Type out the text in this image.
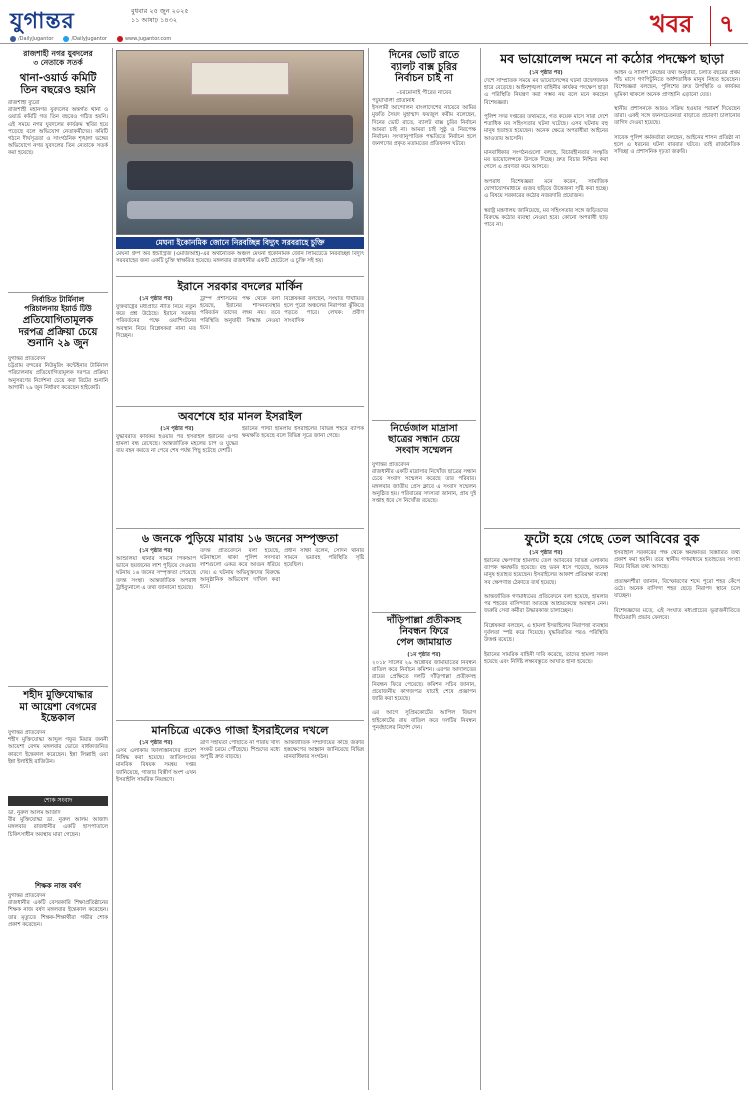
যুগান্তর	বুধবার ২৫ জুন ২০২৫
১১ আষাঢ় ১৪৩২
/DailyJugantor	/DailyJugantor	www.jugantor.com
খবর	৭
রাজশাহী নগর যুবদলের
৩ নেতাকে সতর্ক
থানা-ওয়ার্ড কমিটি
তিন বছরেও হয়নি
রাজশাহী ব্যুরো
রাজশাহী মহানগর যুবদলের অন্তর্গত থানা ও ওয়ার্ড কমিটি গত তিন বছরেও গঠিত হয়নি। এই সময়ে নগর যুবদলের কার্যক্রম স্থবির হয়ে পড়েছে বলে অভিযোগ নেতাকর্মীদের। কমিটি গঠনে দীর্ঘসূত্রতা ও সাংগঠনিক শৃঙ্খলা ভঙ্গের অভিযোগে নগর যুবদলের তিন নেতাকে সতর্ক করা হয়েছে।
নির্বাচিত টার্মিনাল
পরিচালনায় ইয়ার্ড টিউ
প্রতিযোগিতামূলক
দরপত্র প্রক্রিয়া চেয়ে
শুনানি ২৯ জুন
যুগান্তর প্রতিবেদন
চট্টগ্রাম বন্দরের নিউমুরিং কন্টেইনার টার্মিনাল পরিচালনায় প্রতিযোগিতামূলক দরপত্র প্রক্রিয়া অনুসরণের নির্দেশনা চেয়ে করা রিটের শুনানি আগামী ২৯ জুন নির্ধারণ করেছেন হাইকোর্ট।
শহীদ মুক্তিযোদ্ধার
মা আয়েশা বেগমের
ইন্তেকাল
যুগান্তর প্রতিবেদন
শহীদ মুক্তিযোদ্ধা আব্দুল গফুর মিয়ার জননী আয়েশা বেগম মঙ্গলবার ভোরে বার্ধক্যজনিত কারণে ইন্তেকাল করেছেন। ইন্না লিল্লাহি ওয়া ইন্না ইলাইহি রাজিউন।
শোক সংবাদ
ডা. নুরুল আলম আজাদ
বীর মুক্তিযোদ্ধা ডা. নুরুল আলম আজাদ মঙ্গলবার রাজধানীর একটি হাসপাতালে চিকিৎসাধীন অবস্থায় মারা গেছেন।
শিক্ষক নাজ বর্ষণ
যুগান্তর প্রতিবেদন
রাজধানীর একটি বেসরকারি শিক্ষাপ্রতিষ্ঠানের শিক্ষক নাজ বর্ষণ মঙ্গলবার ইন্তেকাল করেছেন। তার মৃত্যুতে শিক্ষক-শিক্ষার্থীরা গভীর শোক প্রকাশ করেছেন।
মেঘনা ইকোনমিক জোনে নিরবচ্ছিন্ন বিদ্যুৎ সরবরাহে চুক্তি
মেঘনা গ্রুপ অব ইন্ডাস্ট্রিজ (এমজিআই)-এর অর্থনৈতিক অঞ্চল মেঘনা ইকোনমিক জোন লিমিটেডে নিরবচ্ছিন্ন বিদ্যুৎ সরবরাহের জন্য একটি চুক্তি স্বাক্ষরিত হয়েছে। মঙ্গলবার রাজধানীর একটি হোটেলে এ চুক্তি সই হয়।
ইরানে সরকার বদলের মার্কিন
(১ম পৃষ্ঠার পর)
যুক্তরাষ্ট্রের মধ্যপ্রাচ্য নীতি নিয়ে নতুন করে প্রশ্ন উঠেছে। ইরানে সরকার পরিবর্তনের পক্ষে ওয়াশিংটনের অবস্থান নিয়ে বিশ্লেষকরা নানা মত দিচ্ছেন।
ট্রাম্প প্রশাসনের পক্ষ থেকে বলা হয়েছে, ইরানের শাসনব্যবস্থার পরিবর্তন তাদের লক্ষ্য নয়। তবে পরিস্থিতি অনুযায়ী সিদ্ধান্ত নেওয়া হবে।
বিশ্লেষকরা বলছেন, সংঘাত দীর্ঘায়িত হলে পুরো অঞ্চলের নিরাপত্তা ঝুঁকিতে পড়তে পারে। লেখক: প্রবীণ সাংবাদিক
অবশেষে হার মানল ইসরাইল
(১ম পৃষ্ঠার পর)
যুদ্ধবিরতি কার্যকর হওয়ার পর ইসরাইল ইরানের ওপর হামলা বন্ধ রেখেছে। আন্তর্জাতিক মহলের চাপ ও যুদ্ধের ব্যয় বহন করতে না পেরে শেষ পর্যন্ত পিছু হটেছে দেশটি।
ইরানের পাল্টা হামলায় ইসরাইলের বিভিন্ন শহরে ব্যাপক ক্ষয়ক্ষতি হয়েছে বলে বিভিন্ন সূত্রে জানা গেছে।
৬ জনকে পুড়িয়ে মারায় ১৬ জনের সম্পৃক্ততা
(১ম পৃষ্ঠার পর)
আশুলিয়া থানার সামনে পিকআপ ভ্যানে ছয়জনের লাশ পুড়িয়ে দেওয়ার ঘটনায় ১৬ জনের সম্পৃক্ততা পেয়েছে তদন্ত সংস্থা। আন্তর্জাতিক অপরাধ ট্রাইব্যুনালে এ তথ্য জানানো হয়েছে।
তদন্ত প্রতিবেদনে বলা হয়েছে, ঘটনাস্থলে থাকা পুলিশ সদস্যরা লাশগুলো একত্র করে আগুন ধরিয়ে দেয়। এ ঘটনায় অভিযুক্তদের বিরুদ্ধে আনুষ্ঠানিক অভিযোগ দাখিল করা হবে।
প্রধান সাক্ষী বলেন, সেদিন থানার সামনে ভয়াবহ পরিস্থিতি সৃষ্টি হয়েছিল।
মানচিত্রে একেও গাজা ইসরাইলের দখলে
(১ম পৃষ্ঠার পর)
এসব এলাকায় ফিলিস্তিনিদের প্রবেশ নিষিদ্ধ করা হয়েছে। জাতিসংঘের মানবিক বিষয়ক সমন্বয় দপ্তর জানিয়েছে, গাজার বিস্তীর্ণ অংশ এখন ইসরাইলি সামরিক নিয়ন্ত্রণে।
ত্রাণ সহায়তা পৌঁছাতে না পারায় খাদ্য সংকট চরমে পৌঁছেছে। শিশুদের মধ্যে অপুষ্টি দ্রুত বাড়ছে।
আন্তর্জাতিক সম্প্রদায়ের কাছে জরুরি হস্তক্ষেপের আহ্বান জানিয়েছে বিভিন্ন মানবাধিকার সংগঠন।
দিনের ভোট রাতে
ব্যালট বাক্স চুরির
নির্বাচন চাই না
–চরমোনাই পীরের নায়েব
পটুয়াখালী প্রতিনিধি
ইসলামী আন্দোলন বাংলাদেশের নায়েবে আমির মুফতি সৈয়দ মুহাম্মাদ ফয়জুল করীম বলেছেন, দিনের ভোট রাতে, ব্যালট বাক্স চুরির নির্বাচন আমরা চাই না। আমরা চাই সুষ্ঠু ও নিরপেক্ষ নির্বাচন। সংখ্যানুপাতিক পদ্ধতিতে নির্বাচন হলে জনগণের প্রকৃত মতামতের প্রতিফলন ঘটবে।
নির্ভেজাল মাদ্রাসা
ছাত্রের সন্ধান চেয়ে
সংবাদ সম্মেলন
যুগান্তর প্রতিবেদন
রাজধানীর একটি মাদ্রাসার নিখোঁজ ছাত্রের সন্ধান চেয়ে সংবাদ সম্মেলন করেছে তার পরিবার। মঙ্গলবার জাতীয় প্রেস ক্লাবে এ সংবাদ সম্মেলন অনুষ্ঠিত হয়। পরিবারের সদস্যরা জানান, প্রায় দুই সপ্তাহ ধরে সে নিখোঁজ রয়েছে।
দাঁড়িপাল্লা প্রতীকসহ
নিবন্ধন ফিরে
পেল জামায়াত
(১ম পৃষ্ঠার পর)
২০১৮ সালের ২৯ অক্টোবর জামায়াতের নিবন্ধন বাতিল করে নির্বাচন কমিশন। এরপর আদালতের রায়ের প্রেক্ষিতে দলটি দাঁড়িপাল্লা প্রতীকসহ নিবন্ধন ফিরে পেয়েছে। কমিশন সচিব জানান, প্রয়োজনীয় কাগজপত্র যাচাই শেষে প্রজ্ঞাপন জারি করা হয়েছে।

এর আগে সুপ্রিমকোর্টের আপিল বিভাগ হাইকোর্টের রায় বাতিল করে দলটির নিবন্ধন পুনর্বহালের নির্দেশ দেন।
মব ভায়োলেন্স দমনে না কঠোর পদক্ষেপ ছাড়া
(১ম পৃষ্ঠার পর)
দেশে সাম্প্রতিক সময়ে মব ভায়োলেন্সের ঘটনা উদ্বেগজনক হারে বেড়েছে। আইনশৃঙ্খলা বাহিনীর কার্যকর পদক্ষেপ ছাড়া এ পরিস্থিতি নিয়ন্ত্রণ করা সম্ভব নয় বলে মনে করছেন বিশেষজ্ঞরা।

পুলিশ সদর দপ্তরের তথ্যমতে, গত কয়েক মাসে সারা দেশে শতাধিক মব সহিংসতার ঘটনা ঘটেছে। এসব ঘটনায় বহু মানুষ হতাহত হয়েছেন। অনেক ক্ষেত্রে অপরাধীরা আইনের আওতায় আসেনি।

মানবাধিকার সংগঠনগুলো বলছে, বিচারহীনতার সংস্কৃতি মব ভায়োলেন্সকে উসকে দিচ্ছে। দ্রুত বিচার নিশ্চিত করা গেলে এ প্রবণতা কমে আসবে।

অপরাধ বিশেষজ্ঞরা মনে করেন, সামাজিক যোগাযোগমাধ্যমে গুজব ছড়িয়ে উত্তেজনা সৃষ্টি করা হচ্ছে। এ বিষয়ে সরকারের কঠোর নজরদারি প্রয়োজন।

স্বরাষ্ট্র মন্ত্রণালয় জানিয়েছে, মব সহিংসতার সঙ্গে জড়িতদের বিরুদ্ধে কঠোর ব্যবস্থা নেওয়া হবে। কোনো অপরাধী ছাড় পাবে না।
আইন ও সালিশ কেন্দ্রের তথ্য অনুযায়ী, চলতি বছরের প্রথম পাঁচ মাসে গণপিটুনিতে অর্ধশতাধিক মানুষ নিহত হয়েছেন। বিশেষজ্ঞরা বলছেন, পুলিশের দ্রুত উপস্থিতি ও কার্যকর ভূমিকা থাকলে অনেক প্রাণহানি এড়ানো যেত।

স্থানীয় প্রশাসনকে আরও সক্রিয় হওয়ার পরামর্শ দিয়েছেন তারা। একই সঙ্গে জনসচেতনতা বাড়াতে প্রচারণা চালানোর তাগিদ দেওয়া হয়েছে।

সাবেক পুলিশ কর্মকর্তারা বলছেন, আইনের শাসন প্রতিষ্ঠা না হলে এ ধরনের ঘটনা বারবার ঘটবে। তাই রাজনৈতিক সদিচ্ছা ও প্রশাসনিক দৃঢ়তা জরুরি।
ফুটো হয়ে গেছে তেল আবিবের বুক
(১ম পৃষ্ঠার পর)
ইরানের ক্ষেপণাস্ত্র হামলায় তেল আবিবের বিভিন্ন এলাকায় ব্যাপক ক্ষয়ক্ষতি হয়েছে। বহু ভবন ধসে পড়েছে, অনেক মানুষ হতাহত হয়েছেন। ইসরাইলের আকাশ প্রতিরক্ষা ব্যবস্থা সব ক্ষেপণাস্ত্র ঠেকাতে ব্যর্থ হয়েছে।

আন্তর্জাতিক গণমাধ্যমের প্রতিবেদনে বলা হয়েছে, হামলার পর শহরের বাসিন্দারা আতঙ্কে আশ্রয়কেন্দ্রে অবস্থান নেন। জরুরি সেবা কর্মীরা উদ্ধারকাজ চালাচ্ছেন।

বিশ্লেষকরা বলছেন, এ হামলা ইসরাইলের নিরাপত্তা ব্যবস্থার দুর্বলতা স্পষ্ট করে দিয়েছে। যুদ্ধবিরতির পরও পরিস্থিতি উত্তপ্ত রয়েছে।

ইরানের সামরিক বাহিনী দাবি করেছে, তাদের হামলা সফল হয়েছে এবং নির্দিষ্ট লক্ষ্যবস্তুতে আঘাত হানা হয়েছে।
ইসরাইলি সরকারের পক্ষ থেকে ক্ষয়ক্ষতির বিস্তারিত তথ্য প্রকাশ করা হয়নি। তবে স্থানীয় গণমাধ্যমে হতাহতের সংখ্যা নিয়ে বিভিন্ন তথ্য আসছে।

প্রত্যক্ষদর্শীরা জানান, বিস্ফোরণের শব্দে পুরো শহর কেঁপে ওঠে। অনেক বাসিন্দা শহর ছেড়ে নিরাপদ স্থানে চলে যাচ্ছেন।

বিশেষজ্ঞদের মতে, এই সংঘাত মধ্যপ্রাচ্যের ভূরাজনীতিতে দীর্ঘমেয়াদি প্রভাব ফেলবে।
